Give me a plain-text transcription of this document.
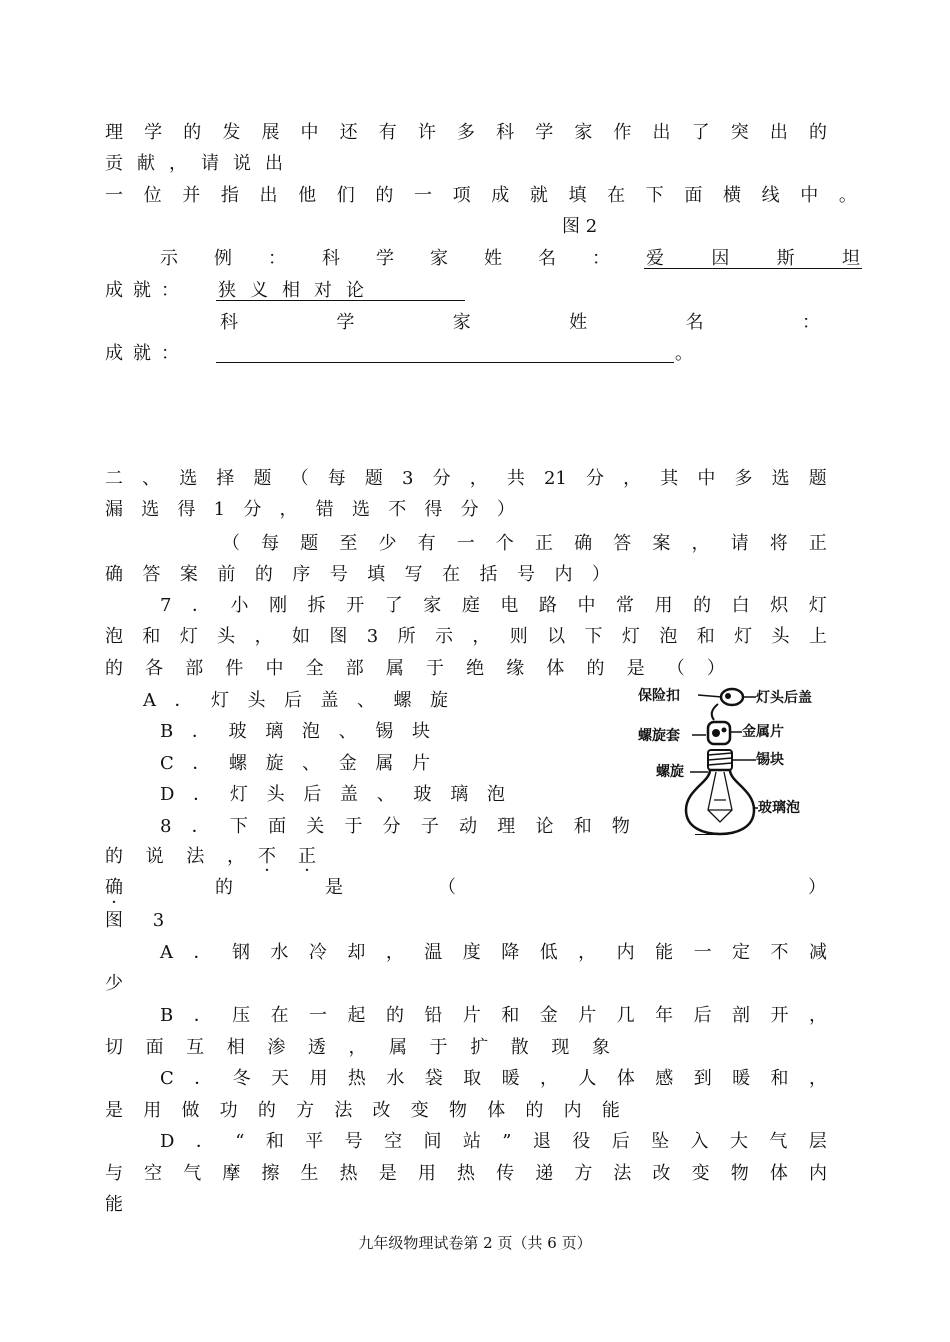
理 学 的 发 展 中 还 有 许 多 科 学 家 作 出 了 突 出 的
贡献，请说出
一 位 并 指 出 他 们 的 一 项 成 就 填 在 下 面 横 线 中 。
图 2
示 例 ： 科 学 家 姓 名 ： 爱	因	斯	坦
成就： 狭义相对论
科	学	家	姓	名	：
成就：	。
二 、 选 择 题 （ 每 题 3 分 ， 共 21 分 ， 其 中 多 选 题
漏 选 得 1 分 ， 错 选 不 得 分 ）
（ 每 题 至 少 有 一 个 正 确 答 案 ， 请 将 正
确 答 案 前 的 序 号 填 写 在 括 号 内 ）
7 ． 小 刚 拆 开 了 家 庭 电 路 中 常 用 的 白 炽 灯
泡 和 灯 头 ， 如 图 3 所 示 ， 则 以 下 灯 泡 和 灯 头 上
的 各 部 件 中 全 部 属 于 绝 缘 体 的 是 （ ）
A ． 灯 头 后 盖 、 螺 旋
B ． 玻 璃 泡 、 锡 块
C ． 螺 旋 、 金 属 片
D ． 灯 头 后 盖 、 玻 璃 泡
保险扣	灯头后盖
螺旋套	金属片
锡块
螺旋
玻璃泡
8 ． 下 面 关 于 分 子 动 理 论 和 物
的 说 法 ， 不 · 正 ·
确	的	是	（	）
图 3
A ． 钢 水 冷 却 ， 温 度 降 低 ， 内 能 一 定 不 减
少
B ． 压 在 一 起 的 铅 片 和 金 片 几 年 后 剖 开 ，
切 面 互 相 渗 透 ， 属 于 扩 散 现 象
C ． 冬 天 用 热 水 袋 取 暖 ， 人 体 感 到 暖 和 ，
是 用 做 功 的 方 法 改 变 物 体 的 内 能
D ． “ 和 平 号 空 间 站 ” 退 役 后 坠 入 大 气 层
与 空 气 摩 擦 生 热 是 用 热 传 递 方 法 改 变 物 体 内
能
九年级物理试卷第 2 页（共 6 页）
